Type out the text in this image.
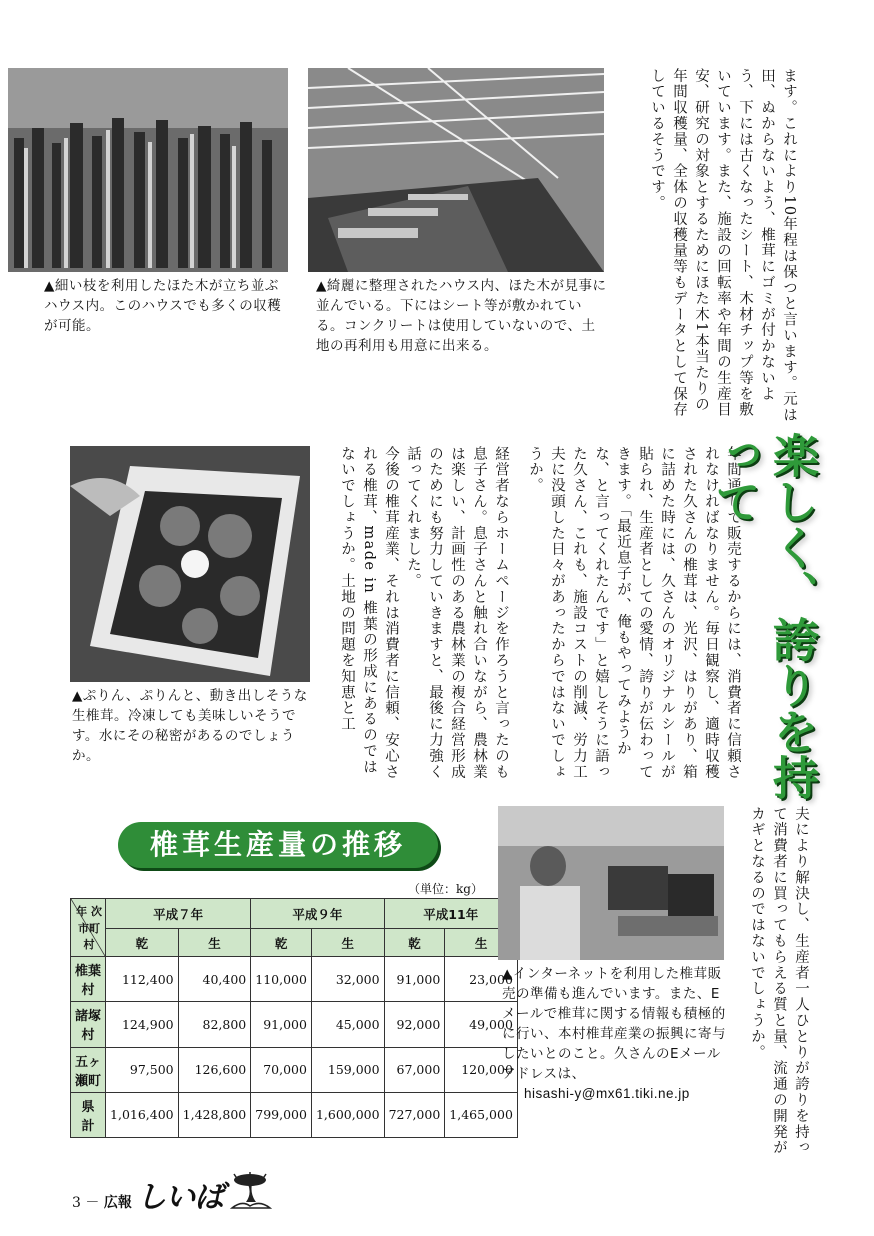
▲細い枝を利用したほた木が立ち並ぶハウス内。このハウスでも多くの収穫が可能。
▲綺麗に整理されたハウス内、ほた木が見事に並んでいる。下にはシート等が敷かれている。コンクリートは使用していないので、土地の再利用も用意に出来る。	ます。これにより10年程は保つと言います。元は田、ぬからないよう、椎茸にゴミが付かないよう、下には古くなったシート、木材チップ等を敷いています。また、施設の回転率や年間の生産目安、研究の対象とするためにほた木1本当たりの年間収穫量、全体の収穫量等もデータとして保存しているそうです。
▲ぷりん、ぷりんと、動き出しそうな生椎茸。冷凍しても美味しいそうです。水にその秘密があるのでしょうか。	経営者ならホームページを作ろうと言ったのも息子さん。息子さんと触れ合いながら、農林業は楽しい、計画性のある農林業の複合経営形成のためにも努力していきますと、最後に力強く話ってくれました。
今後の椎茸産業、それは消費者に信頼、安心される椎茸、made in 椎葉の形成にあるのではないでしょうか。土地の問題を知恵と工	年間通して販売するからには、消費者に信頼されなければなりません。毎日観察し、適時収穫された久さんの椎茸は、光沢、はりがあり、箱に詰めた時には、久さんのオリジナルシールが貼られ、生産者としての愛情、誇りが伝わってきます。「最近息子が、俺もやってみようかな、と言ってくれたんです」と嬉しそうに語った久さん、これも、施設コストの削減、労力工夫に没頭した日々があったからではないでしょうか。	楽しく、誇りを持って
椎茸生産量の推移
（単位：kg）
年 次
市町村	平成７年		平成９年		平成11年	
	乾	生	乾	生	乾	生
椎葉村	112,400	40,400	110,000	32,000	91,000	23,000
諸塚村	124,900	82,800	91,000	45,000	92,000	49,000
五ヶ瀬町	97,500	126,600	70,000	159,000	67,000	120,000
県　計	1,016,400	1,428,800	799,000	1,600,000	727,000	1,465,000
▲インターネットを利用した椎茸販売の準備も進んでいます。また、Eメールで椎茸に関する情報も積極的に行い、本村椎茸産業の振興に寄与したいとのこと。久さんのEメールアドレスは、
hisashi-y@mx61.tiki.ne.jp	夫により解決し、生産者一人ひとりが誇りを持って消費者に買ってもらえる質と量、流通の開発がカギとなるのではないでしょうか。
3 － 広報 しいば
